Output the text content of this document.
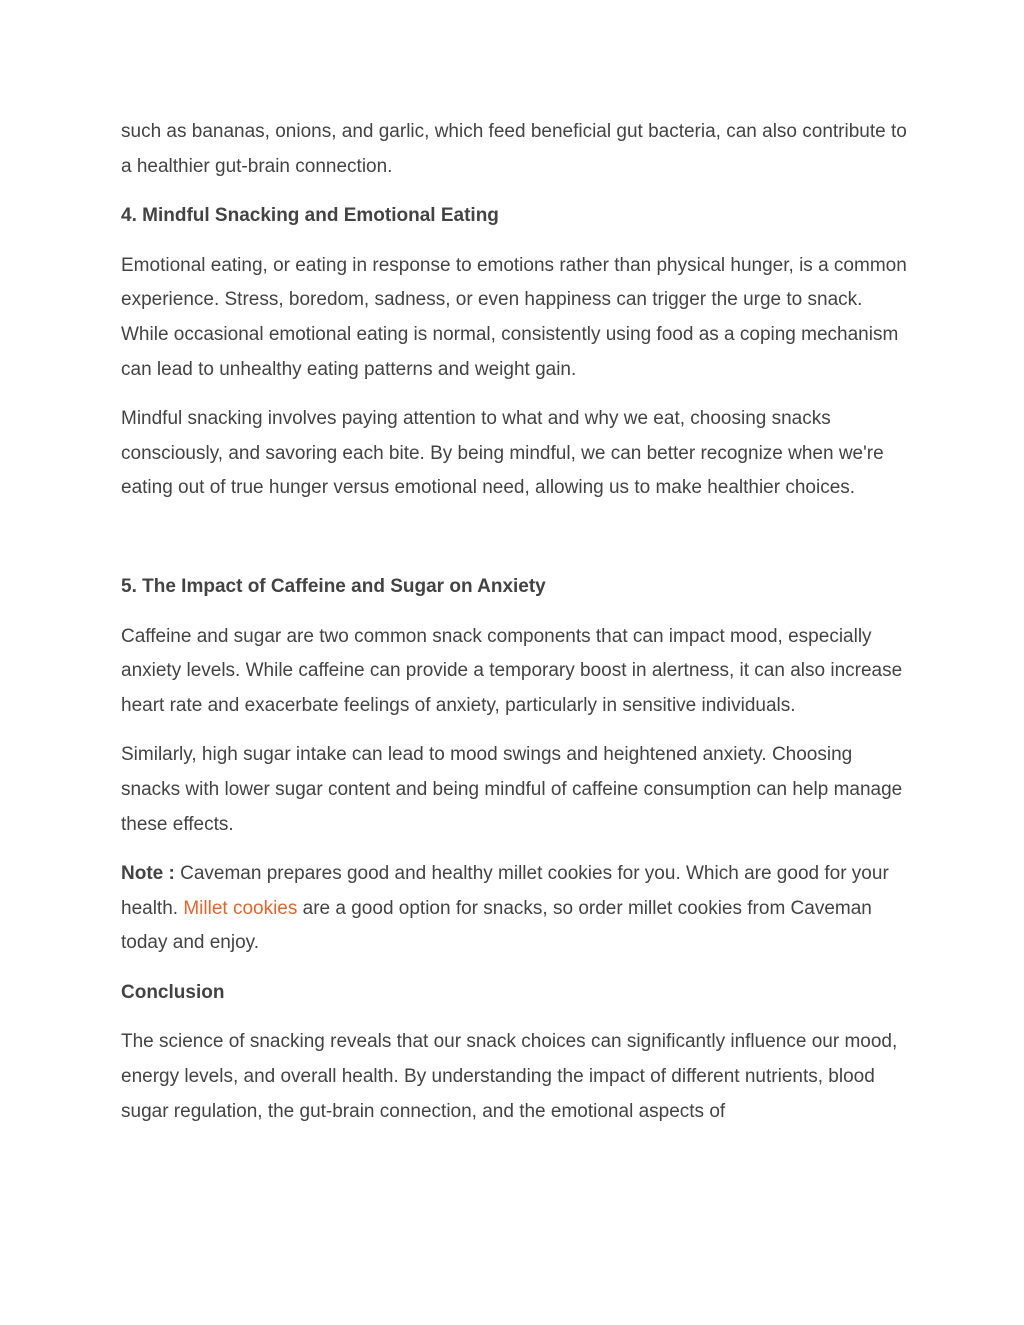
such as bananas, onions, and garlic, which feed beneficial gut bacteria, can also contribute to a healthier gut-brain connection.

4. Mindful Snacking and Emotional Eating

Emotional eating, or eating in response to emotions rather than physical hunger, is a common experience. Stress, boredom, sadness, or even happiness can trigger the urge to snack. While occasional emotional eating is normal, consistently using food as a coping mechanism can lead to unhealthy eating patterns and weight gain.

Mindful snacking involves paying attention to what and why we eat, choosing snacks consciously, and savoring each bite. By being mindful, we can better recognize when we're eating out of true hunger versus emotional need, allowing us to make healthier choices.

5. The Impact of Caffeine and Sugar on Anxiety

Caffeine and sugar are two common snack components that can impact mood, especially anxiety levels. While caffeine can provide a temporary boost in alertness, it can also increase heart rate and exacerbate feelings of anxiety, particularly in sensitive individuals.

Similarly, high sugar intake can lead to mood swings and heightened anxiety. Choosing snacks with lower sugar content and being mindful of caffeine consumption can help manage these effects.

Note : Caveman prepares good and healthy millet cookies for you. Which are good for your health. Millet cookies are a good option for snacks, so order millet cookies from Caveman today and enjoy.

Conclusion

The science of snacking reveals that our snack choices can significantly influence our mood, energy levels, and overall health. By understanding the impact of different nutrients, blood sugar regulation, the gut-brain connection, and the emotional aspects of
